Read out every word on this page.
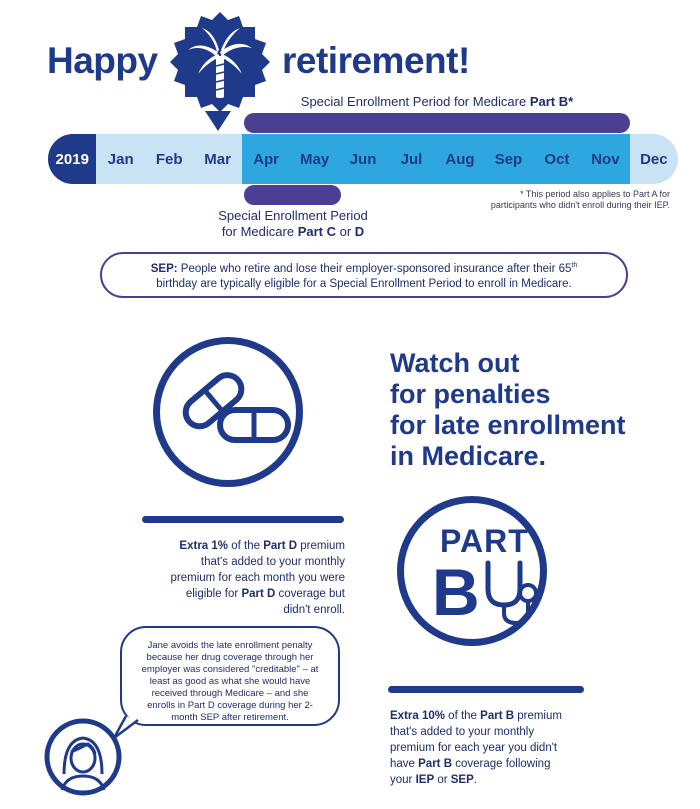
Happy	retirement!
Special Enrollment Period for Medicare Part B*
2019	Jan	Feb	Mar	Apr	May	Jun	Jul	Aug	Sep	Oct	Nov	Dec
Special Enrollment Period
for Medicare Part C or D
* This period also applies to Part A for
participants who didn't enroll during their IEP.
SEP: People who retire and lose their employer-sponsored insurance after their 65th
birthday are typically eligible for a Special Enrollment Period to enroll in Medicare.
Watch out
for penalties
for late enrollment
in Medicare.
Extra 1% of the Part D premium
that's added to your monthly
premium for each month you were
eligible for Part D coverage but
didn't enroll.
PART
B
Jane avoids the late enrollment penalty because her drug coverage through her employer was considered "creditable" – at least as good as what she would have received through Medicare – and she enrolls in Part D coverage during her 2-month SEP after retirement.	Extra 10% of the Part B premium
that's added to your monthly
premium for each year you didn't
have Part B coverage following
your IEP or SEP.
